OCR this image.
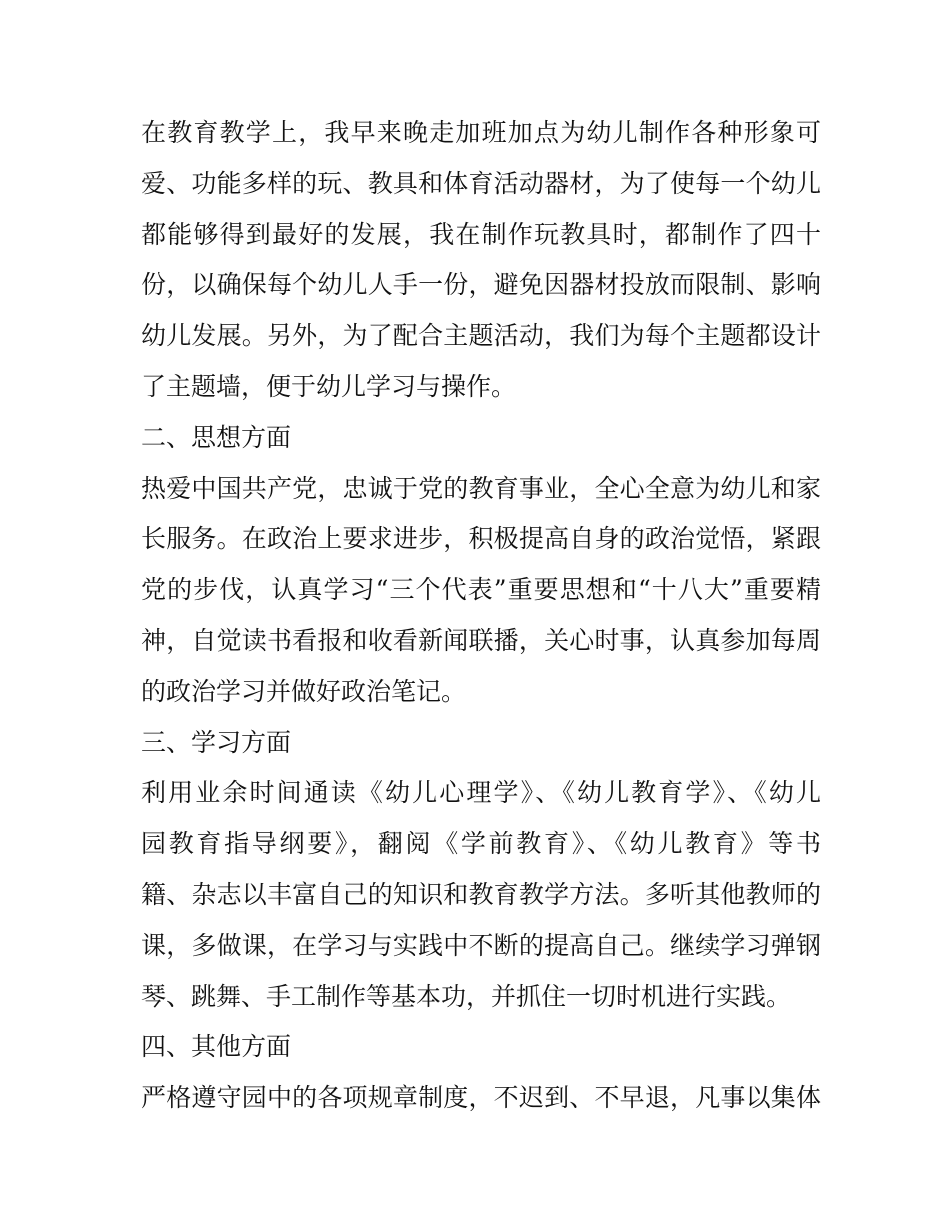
在教育教学上，我早来晚走加班加点为幼儿制作各种形象可
爱、功能多样的玩、教具和体育活动器材，为了使每一个幼儿
都能够得到最好的发展，我在制作玩教具时，都制作了四十
份，以确保每个幼儿人手一份，避免因器材投放而限制、影响
幼儿发展。另外，为了配合主题活动，我们为每个主题都设计
了主题墙，便于幼儿学习与操作。
二、思想方面
热爱中国共产党，忠诚于党的教育事业，全心全意为幼儿和家
长服务。在政治上要求进步，积极提高自身的政治觉悟，紧跟
党的步伐，认真学习“三个代表”重要思想和“十八大”重要精
神，自觉读书看报和收看新闻联播，关心时事，认真参加每周
的政治学习并做好政治笔记。
三、学习方面
利用业余时间通读《幼儿心理学》、《幼儿教育学》、《幼儿
园教育指导纲要》，翻阅《学前教育》、《幼儿教育》等书
籍、杂志以丰富自己的知识和教育教学方法。多听其他教师的
课，多做课，在学习与实践中不断的提高自己。继续学习弹钢
琴、跳舞、手工制作等基本功，并抓住一切时机进行实践。
四、其他方面
严格遵守园中的各项规章制度，不迟到、不早退，凡事以集体
